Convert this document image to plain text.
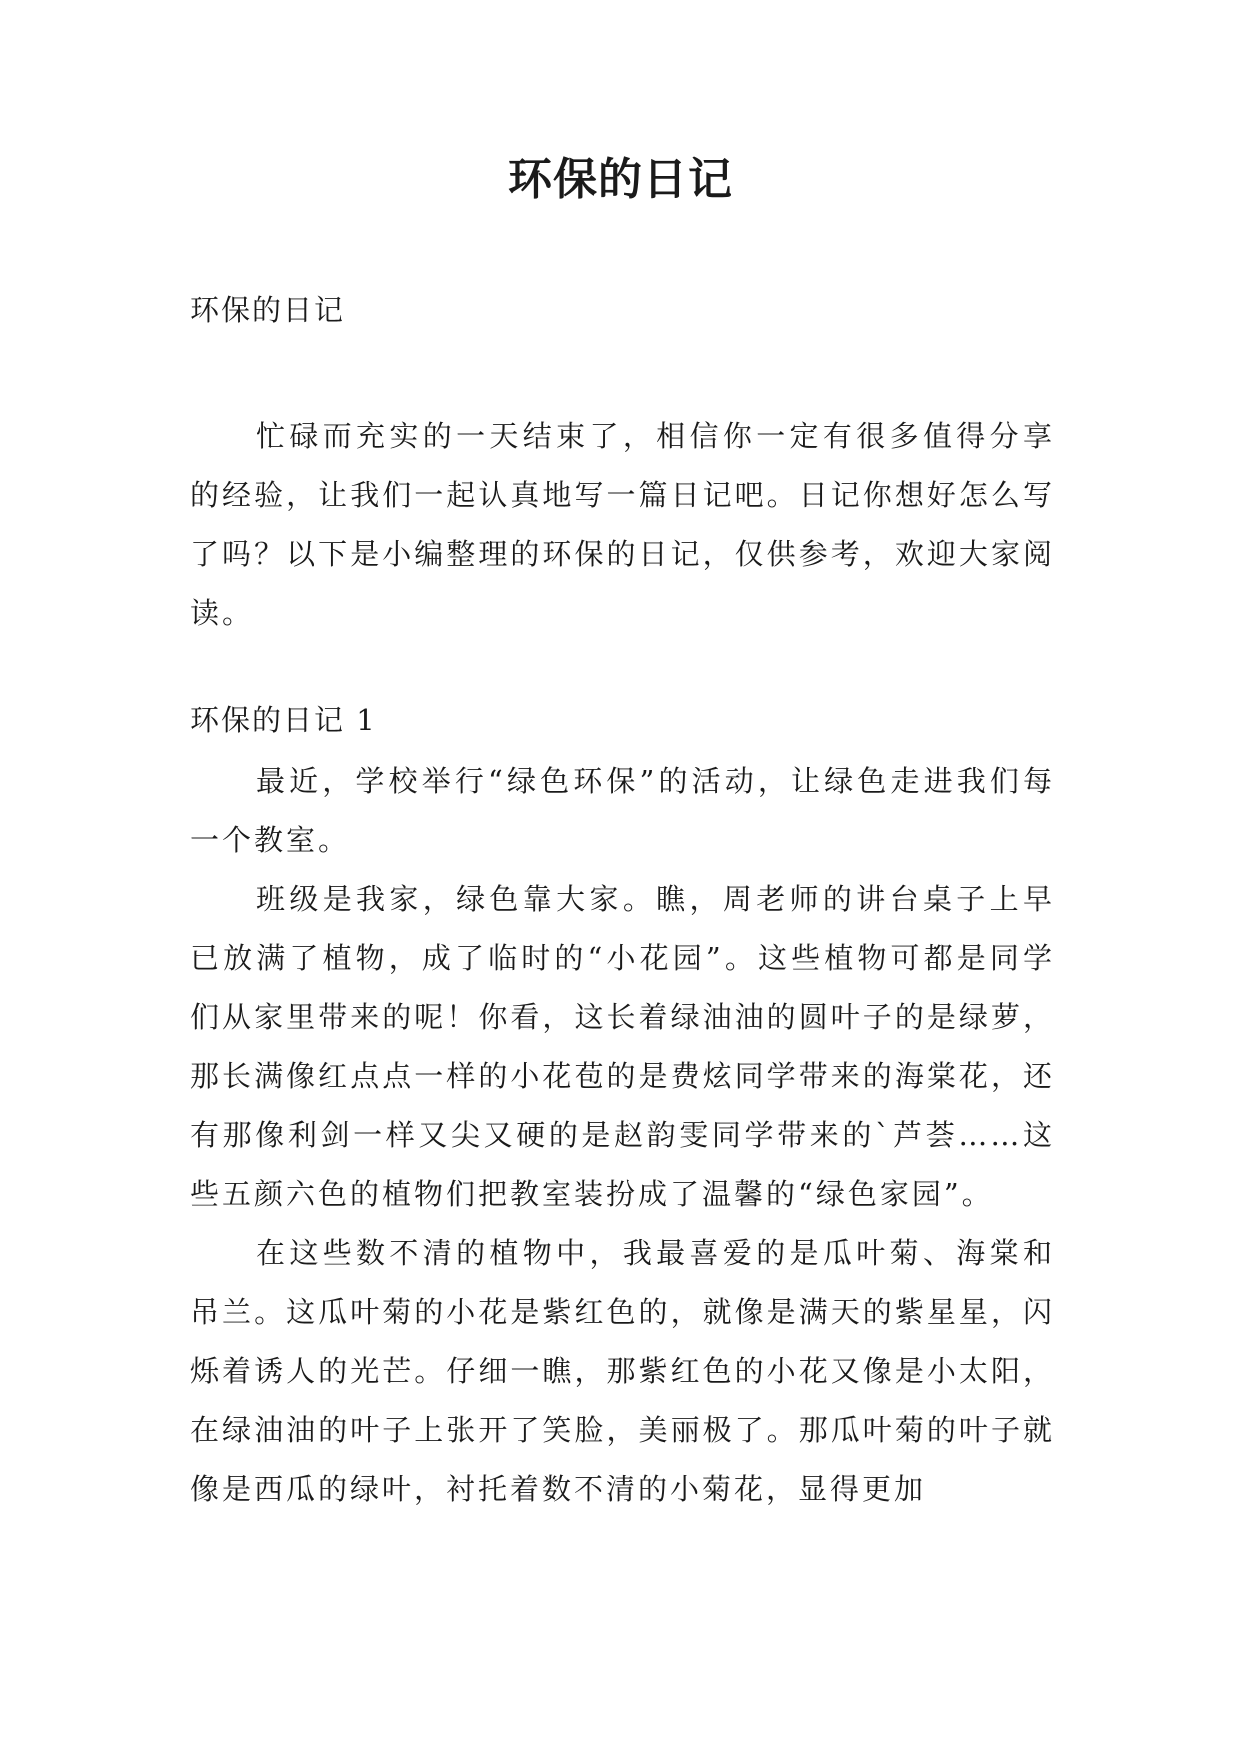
环保的日记

环保的日记

忙碌而充实的一天结束了，相信你一定有很多值得分享的经验，让我们一起认真地写一篇日记吧。日记你想好怎么写了吗？以下是小编整理的环保的日记，仅供参考，欢迎大家阅读。

环保的日记 1

最近，学校举行“绿色环保”的活动，让绿色走进我们每一个教室。

班级是我家，绿色靠大家。瞧，周老师的讲台桌子上早已放满了植物，成了临时的“小花园”。这些植物可都是同学们从家里带来的呢！你看，这长着绿油油的圆叶子的是绿萝，那长满像红点点一样的小花苞的是费炫同学带来的海棠花，还有那像利剑一样又尖又硬的是赵韵雯同学带来的`芦荟……这些五颜六色的植物们把教室装扮成了温馨的“绿色家园”。

在这些数不清的植物中，我最喜爱的是瓜叶菊、海棠和吊兰。这瓜叶菊的小花是紫红色的，就像是满天的紫星星，闪烁着诱人的光芒。仔细一瞧，那紫红色的小花又像是小太阳，在绿油油的叶子上张开了笑脸，美丽极了。那瓜叶菊的叶子就像是西瓜的绿叶，衬托着数不清的小菊花，显得更加
